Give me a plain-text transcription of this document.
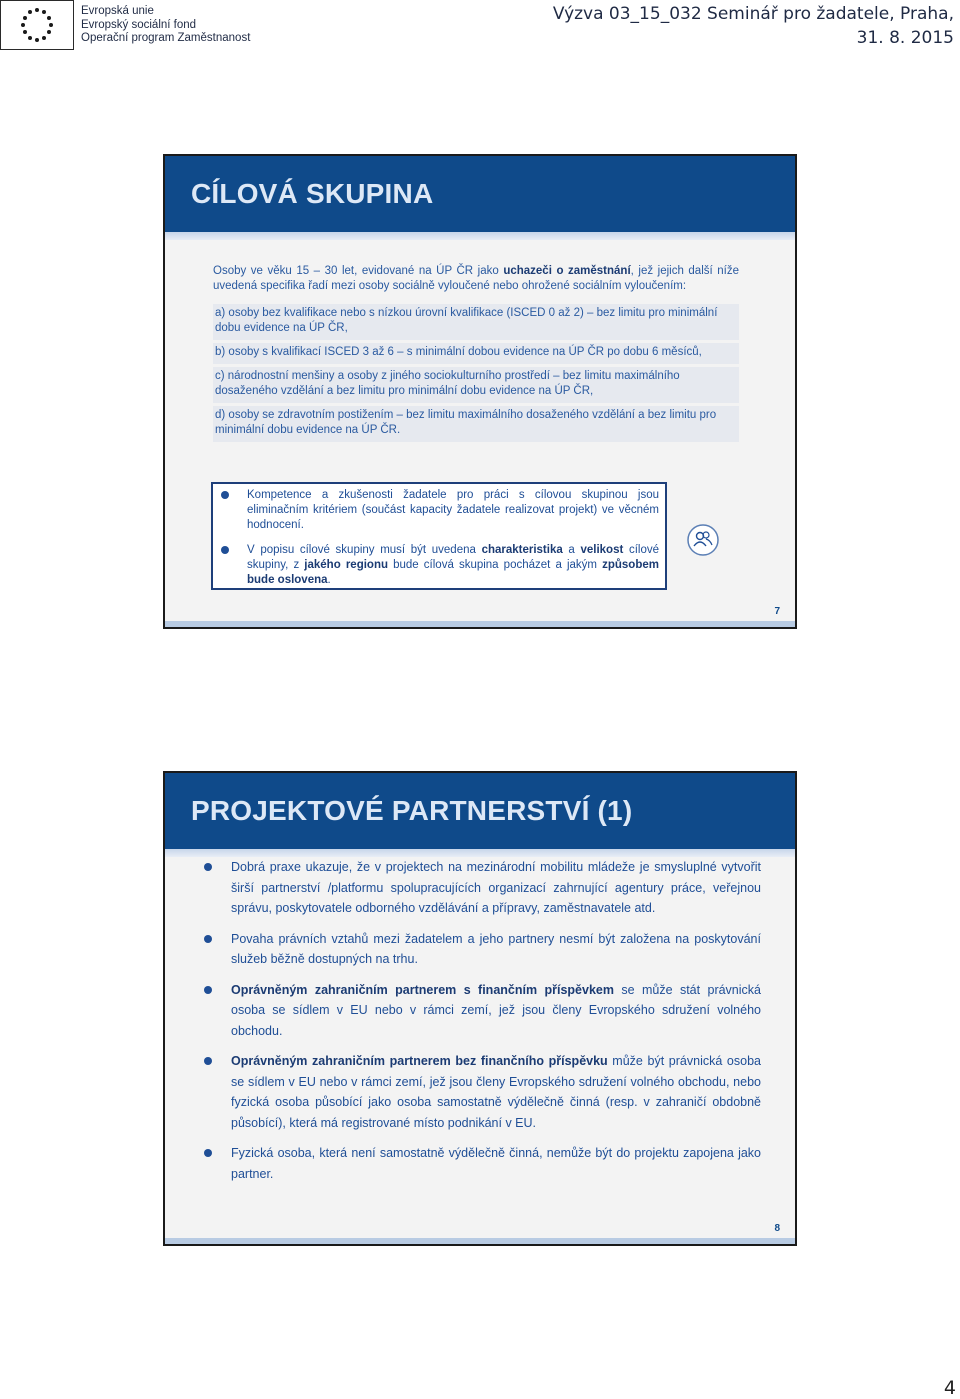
Evropská unie
Evropský sociální fond
Operační program Zaměstnanost
Výzva 03_15_032 Seminář pro žadatele, Praha,
31. 8. 2015
CÍLOVÁ SKUPINA
Osoby ve věku 15 – 30 let, evidované na ÚP ČR jako uchazeči o zaměstnání, jež jejich další níže uvedená specifika řadí mezi osoby sociálně vyloučené nebo ohrožené sociálním vyloučením:
a) osoby bez kvalifikace nebo s nízkou úrovní kvalifikace (ISCED 0 až 2) – bez limitu pro minimální dobu evidence na ÚP ČR,
b) osoby s kvalifikací ISCED 3 až 6 – s minimální dobou evidence na ÚP ČR po dobu 6 měsíců,
c) národnostní menšiny a osoby z jiného sociokulturního prostředí – bez limitu maximálního dosaženého vzdělání a bez limitu pro minimální dobu evidence na ÚP ČR,
d) osoby se zdravotním postižením – bez limitu maximálního dosaženého vzdělání a bez limitu pro minimální dobu evidence na ÚP ČR.
Kompetence a zkušenosti žadatele pro práci s cílovou skupinou jsou eliminačním kritériem (součást kapacity žadatele realizovat projekt) ve věcném hodnocení.
V popisu cílové skupiny musí být uvedena charakteristika a velikost cílové skupiny, z jakého regionu bude cílová skupina pocházet a jakým způsobem bude oslovena.
7
PROJEKTOVÉ PARTNERSTVÍ (1)
Dobrá praxe ukazuje, že v projektech na mezinárodní mobilitu mládeže je smysluplné vytvořit širší partnerství /platformu spolupracujících organizací zahrnující agentury práce, veřejnou správu, poskytovatele odborného vzdělávání a přípravy, zaměstnavatele atd.
Povaha právních vztahů mezi žadatelem a jeho partnery nesmí být založena na poskytování služeb běžně dostupných na trhu.
Oprávněným zahraničním partnerem s finančním příspěvkem se může stát právnická osoba se sídlem v EU nebo v rámci zemí, jež jsou členy Evropského sdružení volného obchodu.
Oprávněným zahraničním partnerem bez finančního příspěvku může být právnická osoba se sídlem v EU nebo v rámci zemí, jež jsou členy Evropského sdružení volného obchodu, nebo fyzická osoba působící jako osoba samostatně výdělečně činná (resp. v zahraničí obdobně působící), která má registrované místo podnikání v EU.
Fyzická osoba, která není samostatně výdělečně činná, nemůže být do projektu zapojena jako partner.
8
4
